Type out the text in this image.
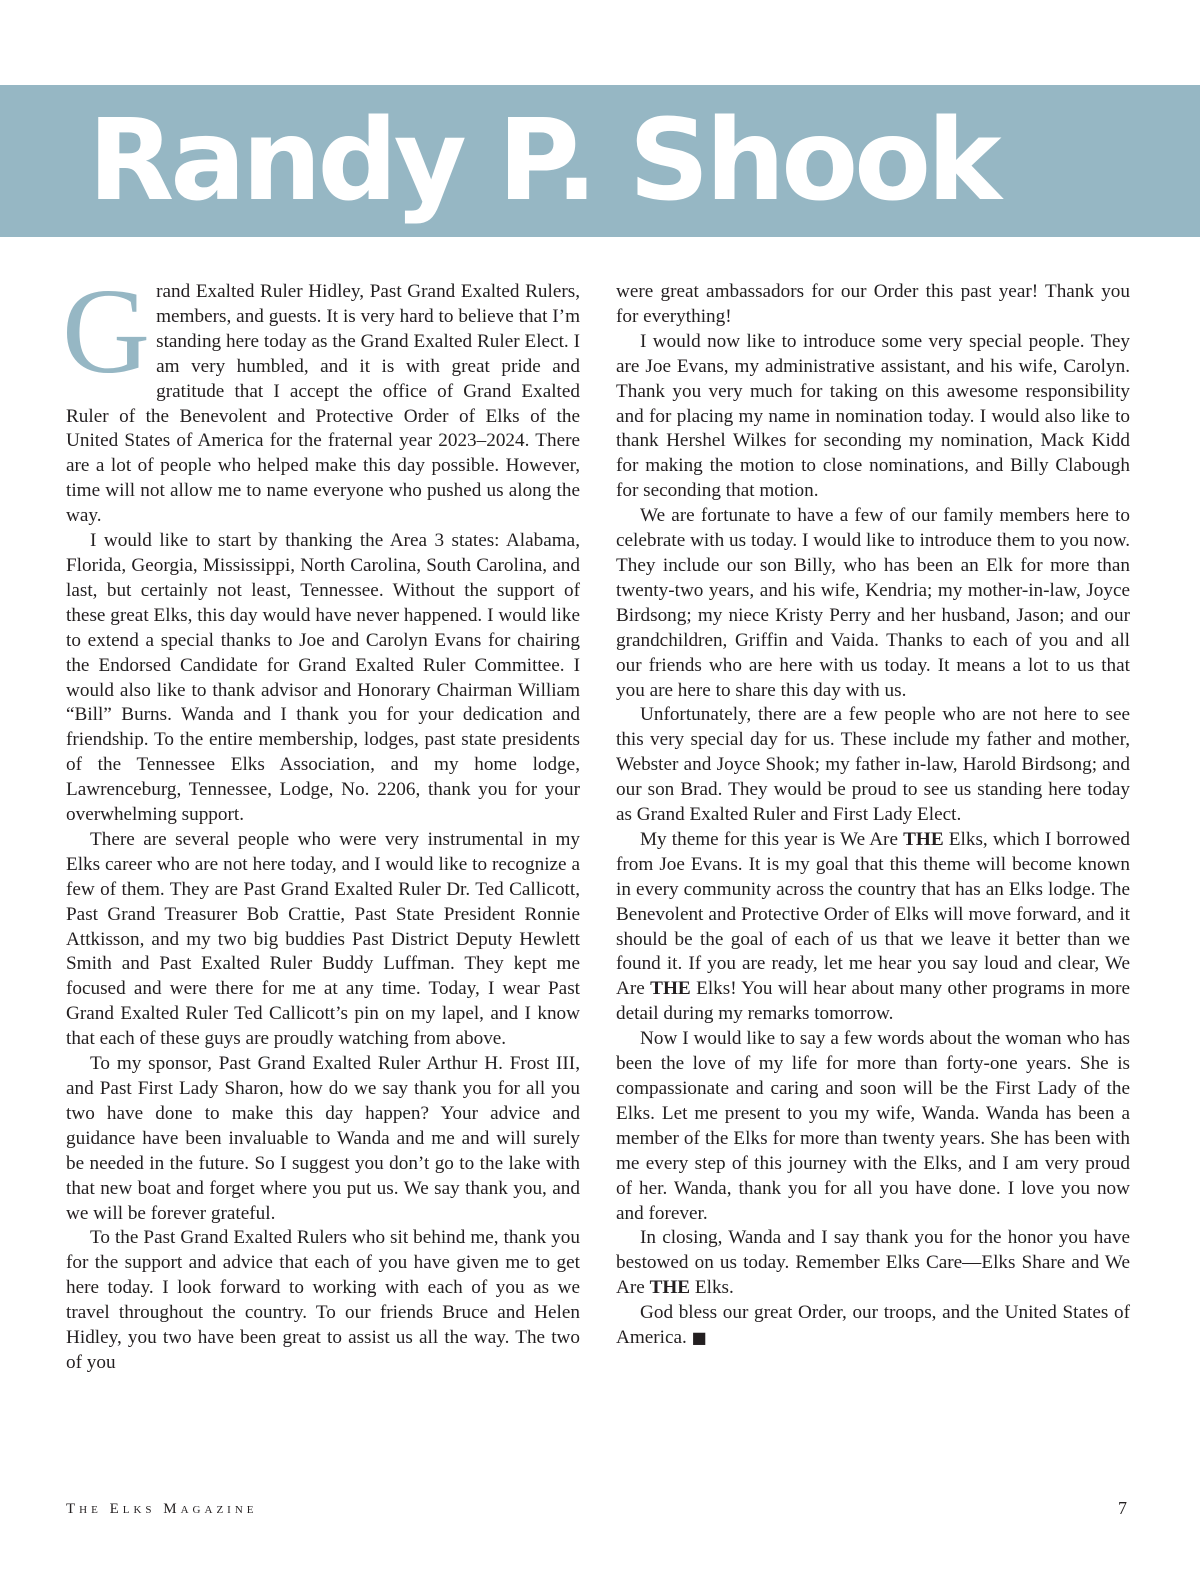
Randy P. Shook

Grand Exalted Ruler Hidley, Past Grand Exalted Rulers, members, and guests. It is very hard to believe that I’m standing here today as the Grand Exalted Ruler Elect. I am very humbled, and it is with great pride and gratitude that I accept the office of Grand Exalted Ruler of the Benevolent and Protective Order of Elks of the United States of America for the fraternal year 2023–2024. There are a lot of people who helped make this day possible. However, time will not allow me to name everyone who pushed us along the way.

I would like to start by thanking the Area 3 states: Alabama, Florida, Georgia, Mississippi, North Carolina, South Carolina, and last, but certainly not least, Tennessee. Without the support of these great Elks, this day would have never happened. I would like to extend a special thanks to Joe and Carolyn Evans for chairing the Endorsed Candidate for Grand Exalted Ruler Committee. I would also like to thank advisor and Honorary Chairman William “Bill” Burns. Wanda and I thank you for your dedication and friendship. To the entire membership, lodges, past state presidents of the Tennessee Elks Association, and my home lodge, Lawrenceburg, Tennessee, Lodge, No. 2206, thank you for your overwhelming support.

There are several people who were very instrumental in my Elks career who are not here today, and I would like to recognize a few of them. They are Past Grand Exalted Ruler Dr. Ted Callicott, Past Grand Treasurer Bob Crattie, Past State President Ronnie Attkisson, and my two big buddies Past District Deputy Hewlett Smith and Past Exalted Ruler Buddy Luffman. They kept me focused and were there for me at any time. Today, I wear Past Grand Exalted Ruler Ted Callicott’s pin on my lapel, and I know that each of these guys are proudly watching from above.

To my sponsor, Past Grand Exalted Ruler Arthur H. Frost III, and Past First Lady Sharon, how do we say thank you for all you two have done to make this day happen? Your advice and guidance have been invaluable to Wanda and me and will surely be needed in the future. So I suggest you don’t go to the lake with that new boat and forget where you put us. We say thank you, and we will be forever grateful.

To the Past Grand Exalted Rulers who sit behind me, thank you for the support and advice that each of you have given me to get here today. I look forward to working with each of you as we travel throughout the country. To our friends Bruce and Helen Hidley, you two have been great to assist us all the way. The two of you

were great ambassadors for our Order this past year! Thank you for everything!

I would now like to introduce some very special people. They are Joe Evans, my administrative assistant, and his wife, Carolyn. Thank you very much for taking on this awesome responsibility and for placing my name in nomination today. I would also like to thank Hershel Wilkes for seconding my nomination, Mack Kidd for making the motion to close nominations, and Billy Clabough for seconding that motion.

We are fortunate to have a few of our family members here to celebrate with us today. I would like to introduce them to you now. They include our son Billy, who has been an Elk for more than twenty-two years, and his wife, Kendria; my mother-in-law, Joyce Birdsong; my niece Kristy Perry and her husband, Jason; and our grandchildren, Griffin and Vaida. Thanks to each of you and all our friends who are here with us today. It means a lot to us that you are here to share this day with us.

Unfortunately, there are a few people who are not here to see this very special day for us. These include my father and mother, Webster and Joyce Shook; my father in-law, Harold Birdsong; and our son Brad. They would be proud to see us standing here today as Grand Exalted Ruler and First Lady Elect.

My theme for this year is We Are THE Elks, which I borrowed from Joe Evans. It is my goal that this theme will become known in every community across the country that has an Elks lodge. The Benevolent and Protective Order of Elks will move forward, and it should be the goal of each of us that we leave it better than we found it. If you are ready, let me hear you say loud and clear, We Are THE Elks! You will hear about many other programs in more detail during my remarks tomorrow.

Now I would like to say a few words about the woman who has been the love of my life for more than forty-one years. She is compassionate and caring and soon will be the First Lady of the Elks. Let me present to you my wife, Wanda. Wanda has been a member of the Elks for more than twenty years. She has been with me every step of this journey with the Elks, and I am very proud of her. Wanda, thank you for all you have done. I love you now and forever.

In closing, Wanda and I say thank you for the honor you have bestowed on us today. Remember Elks Care—Elks Share and We Are THE Elks.

God bless our great Order, our troops, and the United States of America. ■

The Elks Magazine	7
